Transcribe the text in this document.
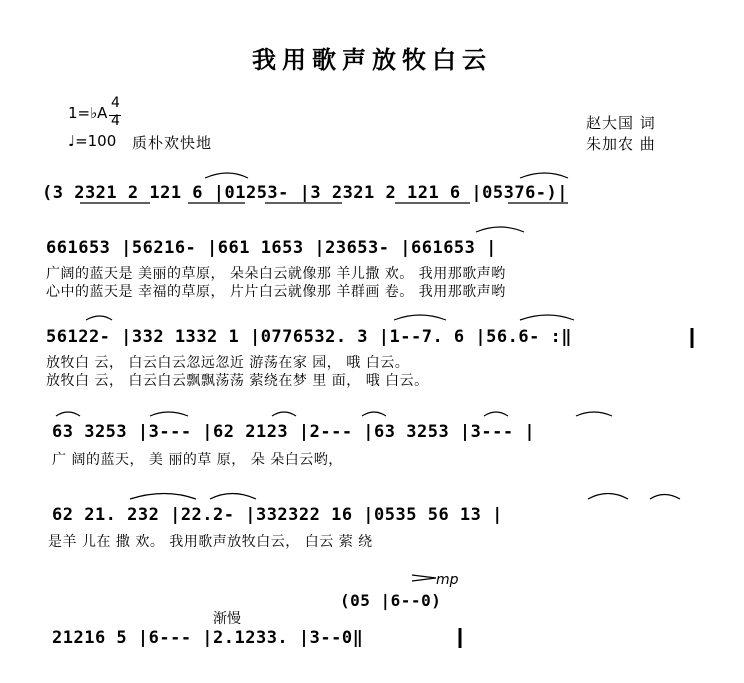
我用歌声放牧白云
1=♭A
4
4
♩=100 质朴欢快地
赵大国 词
朱加农 曲
(3 2321 2 121 6 |01253- |3 2321 2 121 6 |05376-)|
661653 |56216- |661 1653 |23653- |661653 |
广阔的蓝天是 美丽的草原， 朵朵白云就像那 羊儿撒 欢。 我用那歌声哟
心中的蓝天是 幸福的草原， 片片白云就像那 羊群画 卷。 我用那歌声哟
56122- |332 1332 1 |0776532. 3 |1--7. 6 |56.6- :‖
放牧白 云， 白云白云忽远忽近 游荡在家 园， 哦 白云。
放牧白 云， 白云白云飘飘荡荡 萦绕在梦 里 面， 哦 白云。
63 3253 |3--- |62 2123 |2--- |63 3253 |3--- |
广 阔的蓝天， 美 丽的草 原， 朵 朵白云哟，
62 21. 232 |22.2- |332322 16 |0535 56 13 |
是羊 儿在 撒 欢。 我用歌声放牧白云， 白云 萦 绕
(05 |6--0)
mp
渐慢
21216 5 |6--- |2.1233. |3--0‖
